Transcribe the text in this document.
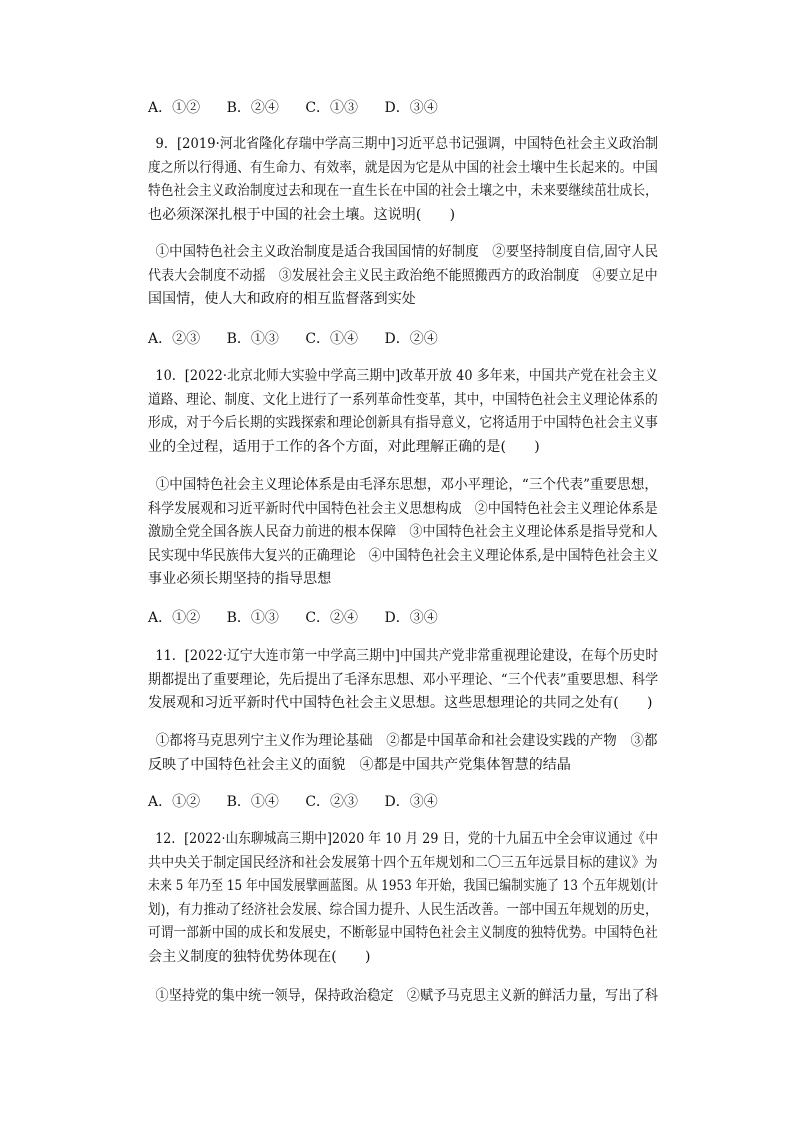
A．①② B．②④ C．①③ D．③④
9．[2019·河北省隆化存瑞中学高三期中]习近平总书记强调，中国特色社会主义政治制
度之所以行得通、有生命力、有效率，就是因为它是从中国的社会土壤中生长起来的。中国
特色社会主义政治制度过去和现在一直生长在中国的社会土壤之中，未来要继续茁壮成长，
也必须深深扎根于中国的社会土壤。这说明(　　)
①中国特色社会主义政治制度是适合我国国情的好制度　②要坚持制度自信,固守人民
代表大会制度不动摇　③发展社会主义民主政治绝不能照搬西方的政治制度　④要立足中
国国情，使人大和政府的相互监督落到实处
A．②③ B．①③ C．①④ D．②④
10．[2022·北京北师大实验中学高三期中]改革开放 40 多年来，中国共产党在社会主义
道路、理论、制度、文化上进行了一系列革命性变革，其中，中国特色社会主义理论体系的
形成，对于今后长期的实践探索和理论创新具有指导意义，它将适用于中国特色社会主义事
业的全过程，适用于工作的各个方面，对此理解正确的是(　　)
①中国特色社会主义理论体系是由毛泽东思想，邓小平理论，“三个代表”重要思想，
科学发展观和习近平新时代中国特色社会主义思想构成　②中国特色社会主义理论体系是
激励全党全国各族人民奋力前进的根本保障　③中国特色社会主义理论体系是指导党和人
民实现中华民族伟大复兴的正确理论　④中国特色社会主义理论体系,是中国特色社会主义
事业必须长期坚持的指导思想
A．①② B．①③ C．②④ D．③④
11．[2022·辽宁大连市第一中学高三期中]中国共产党非常重视理论建设，在每个历史时
期都提出了重要理论，先后提出了毛泽东思想、邓小平理论、“三个代表”重要思想、科学
发展观和习近平新时代中国特色社会主义思想。这些思想理论的共同之处有(　　)
①都将马克思列宁主义作为理论基础　②都是中国革命和社会建设实践的产物　③都
反映了中国特色社会主义的面貌　④都是中国共产党集体智慧的结晶
A．①② B．①④ C．②③ D．③④
12．[2022·山东聊城高三期中]2020 年 10 月 29 日，党的十九届五中全会审议通过《中
共中央关于制定国民经济和社会发展第十四个五年规划和二〇三五年远景目标的建议》为
未来 5 年乃至 15 年中国发展擘画蓝图。从 1953 年开始，我国已编制实施了 13 个五年规划(计
划)，有力推动了经济社会发展、综合国力提升、人民生活改善。一部中国五年规划的历史，
可谓一部新中国的成长和发展史，不断彰显中国特色社会主义制度的独特优势。中国特色社
会主义制度的独特优势体现在(　　)
①坚持党的集中统一领导，保持政治稳定　②赋予马克思主义新的鲜活力量，写出了科
